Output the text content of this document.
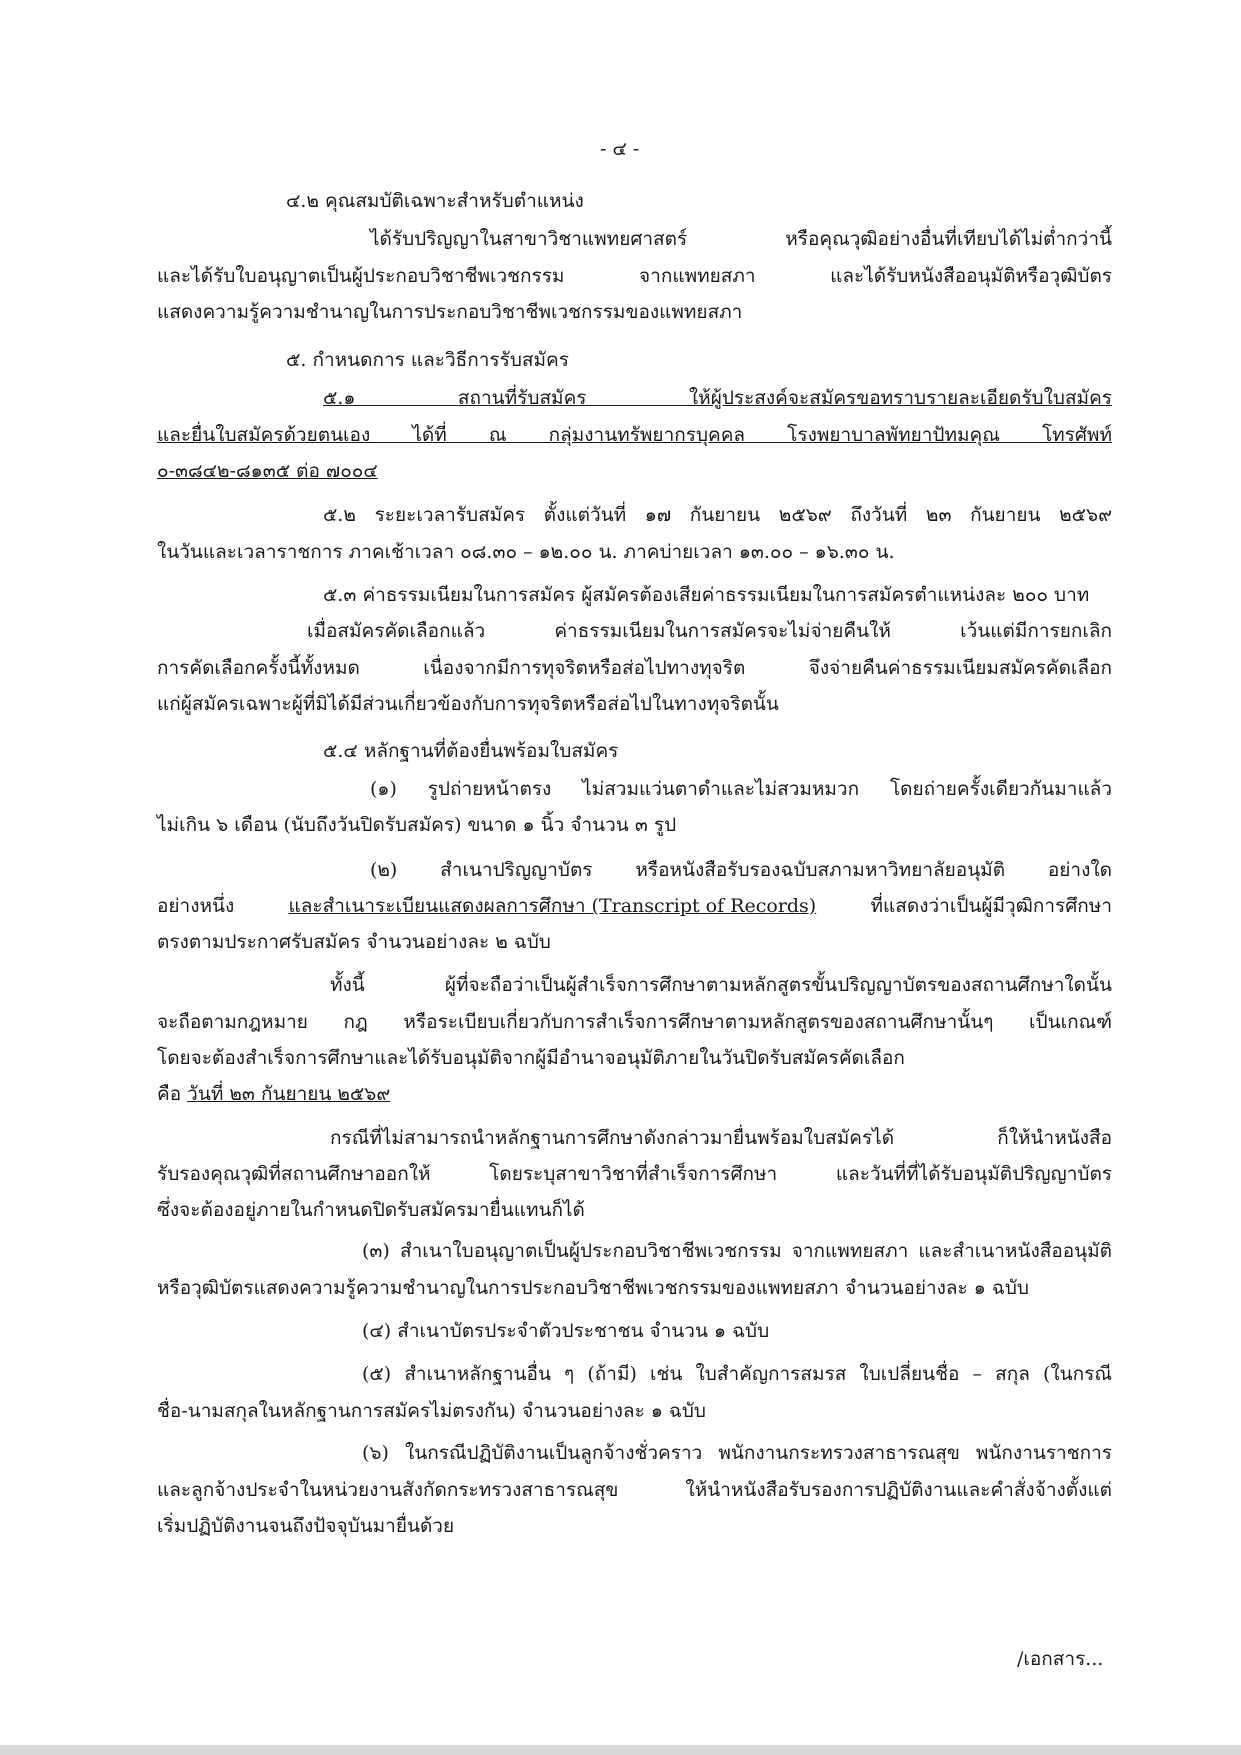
- ๔ -
๔.๒ คุณสมบัติเฉพาะสำหรับตำแหน่ง
ได้รับปริญญาในสาขาวิชาแพทยศาสตร์ หรือคุณวุฒิอย่างอื่นที่เทียบได้ไม่ต่ำกว่านี้
และได้รับใบอนุญาตเป็นผู้ประกอบวิชาชีพเวชกรรม จากแพทยสภา และได้รับหนังสืออนุมัติหรือวุฒิบัตร
แสดงความรู้ความชำนาญในการประกอบวิชาชีพเวชกรรมของแพทยสภา
๕. กำหนดการ และวิธีการรับสมัคร
๕.๑ สถานที่รับสมัคร ให้ผู้ประสงค์จะสมัครขอทราบรายละเอียดรับใบสมัคร
และยื่นใบสมัครด้วยตนเอง ได้ที่ ณ กลุ่มงานทรัพยากรบุคคล โรงพยาบาลพัทยาปัทมคุณ โทรศัพท์
๐-๓๘๔๒-๘๑๓๕ ต่อ ๗๐๐๔
๕.๒ ระยะเวลารับสมัคร ตั้งแต่วันที่ ๑๗ กันยายน ๒๕๖๙ ถึงวันที่ ๒๓ กันยายน ๒๕๖๙
ในวันและเวลาราชการ ภาคเช้าเวลา ๐๘.๓๐ – ๑๒.๐๐ น. ภาคบ่ายเวลา ๑๓.๐๐ – ๑๖.๓๐ น.
๕.๓ ค่าธรรมเนียมในการสมัคร ผู้สมัครต้องเสียค่าธรรมเนียมในการสมัครตำแหน่งละ ๒๐๐ บาท
เมื่อสมัครคัดเลือกแล้ว ค่าธรรมเนียมในการสมัครจะไม่จ่ายคืนให้ เว้นแต่มีการยกเลิก
การคัดเลือกครั้งนี้ทั้งหมด เนื่องจากมีการทุจริตหรือส่อไปทางทุจริต จึงจ่ายคืนค่าธรรมเนียมสมัครคัดเลือก
แก่ผู้สมัครเฉพาะผู้ที่มิได้มีส่วนเกี่ยวข้องกับการทุจริตหรือส่อไปในทางทุจริตนั้น
๕.๔ หลักฐานที่ต้องยื่นพร้อมใบสมัคร
(๑) รูปถ่ายหน้าตรง ไม่สวมแว่นตาดำและไม่สวมหมวก โดยถ่ายครั้งเดียวกันมาแล้ว
ไม่เกิน ๖ เดือน (นับถึงวันปิดรับสมัคร) ขนาด ๑ นิ้ว จำนวน ๓ รูป
(๒) สำเนาปริญญาบัตร หรือหนังสือรับรองฉบับสภามหาวิทยาลัยอนุมัติ อย่างใด
อย่างหนึ่ง	และสำเนาระเบียนแสดงผลการศึกษา (Transcript of Records)	ที่แสดงว่าเป็นผู้มีวุฒิการศึกษา
ตรงตามประกาศรับสมัคร จำนวนอย่างละ ๒ ฉบับ
ทั้งนี้ ผู้ที่จะถือว่าเป็นผู้สำเร็จการศึกษาตามหลักสูตรขั้นปริญญาบัตรของสถานศึกษาใดนั้น
จะถือตามกฎหมาย กฎ หรือระเบียบเกี่ยวกับการสำเร็จการศึกษาตามหลักสูตรของสถานศึกษานั้นๆ เป็นเกณฑ์
โดยจะต้องสำเร็จการศึกษาและได้รับอนุมัติจากผู้มีอำนาจอนุมัติภายในวันปิดรับสมัครคัดเลือก
คือ วันที่ ๒๓ กันยายน ๒๕๖๙
กรณีที่ไม่สามารถนำหลักฐานการศึกษาดังกล่าวมายื่นพร้อมใบสมัครได้ ก็ให้นำหนังสือ
รับรองคุณวุฒิที่สถานศึกษาออกให้ โดยระบุสาขาวิชาที่สำเร็จการศึกษา และวันที่ที่ได้รับอนุมัติปริญญาบัตร
ซึ่งจะต้องอยู่ภายในกำหนดปิดรับสมัครมายื่นแทนก็ได้
(๓) สำเนาใบอนุญาตเป็นผู้ประกอบวิชาชีพเวชกรรม จากแพทยสภา และสำเนาหนังสืออนุมัติ
หรือวุฒิบัตรแสดงความรู้ความชำนาญในการประกอบวิชาชีพเวชกรรมของแพทยสภา จำนวนอย่างละ ๑ ฉบับ
(๔) สำเนาบัตรประจำตัวประชาชน จำนวน ๑ ฉบับ
(๕) สำเนาหลักฐานอื่น ๆ (ถ้ามี) เช่น ใบสำคัญการสมรส ใบเปลี่ยนชื่อ – สกุล (ในกรณี
ชื่อ-นามสกุลในหลักฐานการสมัครไม่ตรงกัน) จำนวนอย่างละ ๑ ฉบับ
(๖) ในกรณีปฏิบัติงานเป็นลูกจ้างชั่วคราว พนักงานกระทรวงสาธารณสุข พนักงานราชการ
และลูกจ้างประจำในหน่วยงานสังกัดกระทรวงสาธารณสุข ให้นำหนังสือรับรองการปฏิบัติงานและคำสั่งจ้างตั้งแต่
เริ่มปฏิบัติงานจนถึงปัจจุบันมายื่นด้วย
/เอกสาร...
